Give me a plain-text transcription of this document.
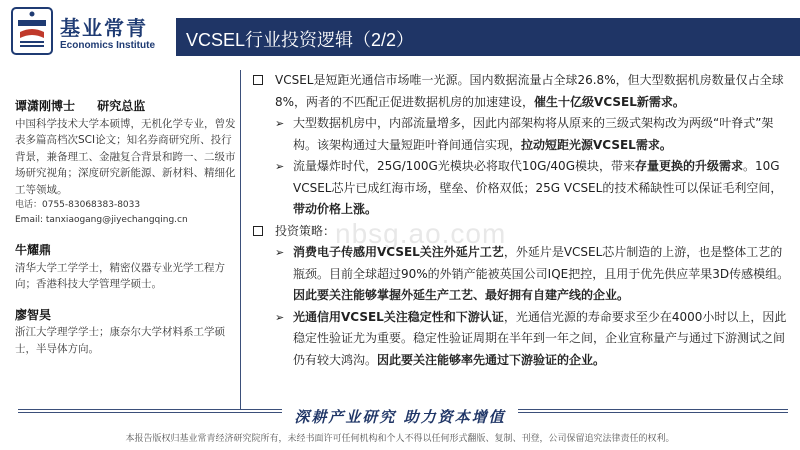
基业常青
Economics Institute VCSEL行业投资逻辑（2/2）
谭潇刚博士 研究总监
中国科学技术大学本硕博，无机化学专业，曾发表多篇高档次SCI论文；知名券商研究所、投行背景，兼备理工、金融复合背景和跨一、二级市场研究视角；深度研究新能源、新材料、精细化工等领域。
电话：0755-83068383-8033
Email: tanxiaogang@jiyechangqing.cn
牛耀鼎
清华大学工学学士，精密仪器专业光学工程方向；香港科技大学管理学硕士。
廖智昊
浙江大学理学学士；康奈尔大学材料系工学硕士，半导体方向。
nbsg.ao.com
VCSEL是短距光通信市场唯一光源。国内数据流量占全球26.8%，但大型数据机房数量仅占全球8%，两者的不匹配正促进数据机房的加速建设，催生十亿级VCSEL新需求。
➢ 大型数据机房中，内部流量增多，因此内部架构将从原来的三级式架构改为两级“叶脊式”架构。该架构通过大量短距叶脊间通信实现，拉动短距光源VCSEL需求。
➢ 流量爆炸时代，25G/100G光模块必将取代10G/40G模块，带来存量更换的升级需求。10G VCSEL芯片已成红海市场，壁垒、价格双低；25G VCSEL的技术稀缺性可以保证毛利空间，带动价格上涨。
投资策略：
➢ 消费电子传感用VCSEL关注外延片工艺，外延片是VCSEL芯片制造的上游，也是整体工艺的瓶颈。目前全球超过90%的外销产能被英国公司IQE把控，且用于优先供应苹果3D传感模组。因此要关注能够掌握外延生产工艺、最好拥有自建产线的企业。
➢ 光通信用VCSEL关注稳定性和下游认证，光通信光源的寿命要求至少在4000小时以上，因此稳定性验证尤为重要。稳定性验证周期在半年到一年之间，企业宣称量产与通过下游测试之间仍有较大鸿沟。因此要关注能够率先通过下游验证的企业。
深耕产业研究 助力资本增值
本报告版权归基业常青经济研究院所有，未经书面许可任何机构和个人不得以任何形式翻版、复制、刊登，公司保留追究法律责任的权利。
